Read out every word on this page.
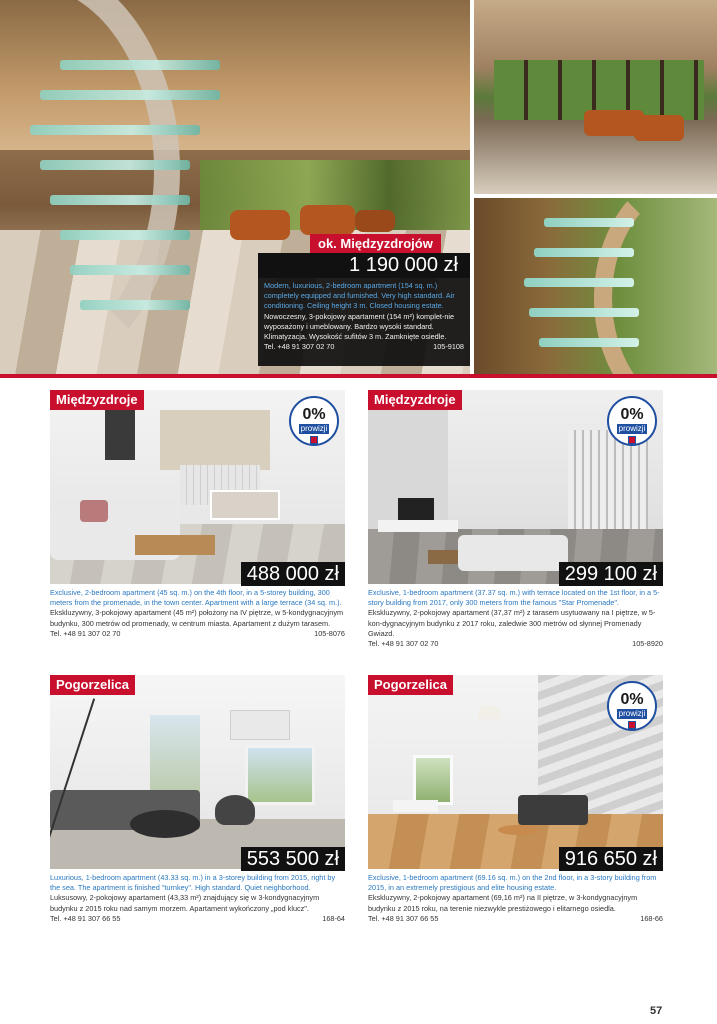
ok. Międzyzdrojów
1 190 000 zł

Modern, luxurious, 2-bedroom apartment (154 sq. m.) completely equipped and furnished. Very high standard. Air conditioning. Ceiling height 3 m. Closed housing estate.

Nowoczesny, 3-pokojowy apartament (154 m²) komplet-nie wyposażony i umeblowany. Bardzo wysoki standard. Klimatyzacja. Wysokość sufitów 3 m. Zamknięte osiedle.

Tel. +48 91 307 02 70	105-9108
Międzyzdroje
0%
prowizji
488 000 zł

Exclusive, 2-bedroom apartment (45 sq. m.) on the 4th floor, in a 5-storey building, 300 meters from the promenade, in the town center. Apartment with a large terrace (34 sq. m.).

Ekskluzywny, 3-pokojowy apartament (45 m²) położony na IV piętrze, w 5-kondygnacyjnym budynku, 300 metrów od promenady, w centrum miasta. Apartament z dużym tarasem.

Tel. +48 91 307 02 70	105-8076
Międzyzdroje
0%
prowizji
299 100 zł

Exclusive, 1-bedroom apartment (37.37 sq. m.) with terrace located on the 1st floor, in a 5-story building from 2017, only 300 meters from the famous "Star Promenade".

Ekskluzywny, 2-pokojowy apartament (37,37 m²) z tarasem usytuowany na I piętrze, w 5-kon-dygnacyjnym budynku z 2017 roku, zaledwie 300 metrów od słynnej Promenady Gwiazd.

Tel. +48 91 307 02 70	105-8920
Pogorzelica
553 500 zł

Luxurious, 1-bedroom apartment (43.33 sq. m.) in a 3-storey building from 2015, right by the sea. The apartment is finished "turnkey". High standard. Quiet neighborhood.

Luksusowy, 2-pokojowy apartament (43,33 m²) znajdujący się w 3-kondygnacyjnym budynku z 2015 roku nad samym morzem. Apartament wykończony „pod klucz".

Tel. +48 91 307 66 55	168-64
Pogorzelica
0%
prowizji
916 650 zł

Exclusive, 1-bedroom apartment (69.16 sq. m.) on the 2nd floor, in a 3-story building from 2015, in an extremely prestigious and elite housing estate.

Ekskluzywny, 2-pokojowy apartament (69,16 m²) na II piętrze, w 3-kondygnacyjnym budynku z 2015 roku, na terenie niezwykle prestiżowego i elitarnego osiedla.

Tel. +48 91 307 66 55	168-66
57
